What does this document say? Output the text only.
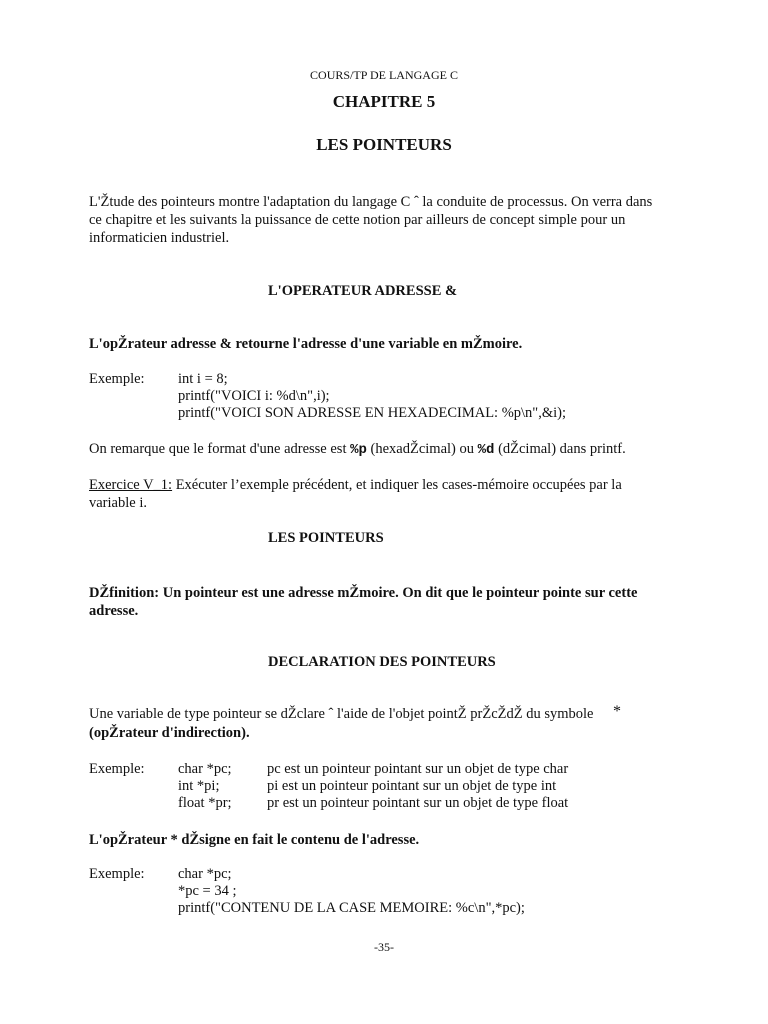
COURS/TP DE LANGAGE C
CHAPITRE 5
LES POINTEURS
L'Žtude des pointeurs montre l'adaptation du langage C ˆ la conduite de processus. On verra dans
ce chapitre et les suivants la puissance de cette notion par ailleurs de concept simple pour un
informaticien industriel.
L'OPERATEUR ADRESSE &
L'opŽrateur adresse & retourne l'adresse d'une variable en mŽmoire.
Exemple: int i = 8;
printf("VOICI i: %d\n",i);
printf("VOICI SON ADRESSE EN HEXADECIMAL: %p\n",&i);
On remarque que le format d'une adresse est %p (hexadŽcimal) ou %d (dŽcimal) dans printf.
Exercice V_1: Exécuter l’exemple précédent, et indiquer les cases-mémoire occupées par la
variable i.
LES POINTEURS
DŽfinition: Un pointeur est une adresse mŽmoire. On dit que le pointeur pointe sur cette
adresse.
DECLARATION DES POINTEURS
Une variable de type pointeur se dŽclare ˆ l'aide de l'objet pointŽ prŽcŽdŽ du symbole *
(opŽrateur d'indirection).
Exemple: char *pc;
int *pi;
float *pr;
pc est un pointeur pointant sur un objet de type char
pi est un pointeur pointant sur un objet de type int
pr est un pointeur pointant sur un objet de type float
L'opŽrateur * dŽsigne en fait le contenu de l'adresse.
Exemple: char *pc;
*pc = 34 ;
printf("CONTENU DE LA CASE MEMOIRE: %c\n",*pc);
-35-
